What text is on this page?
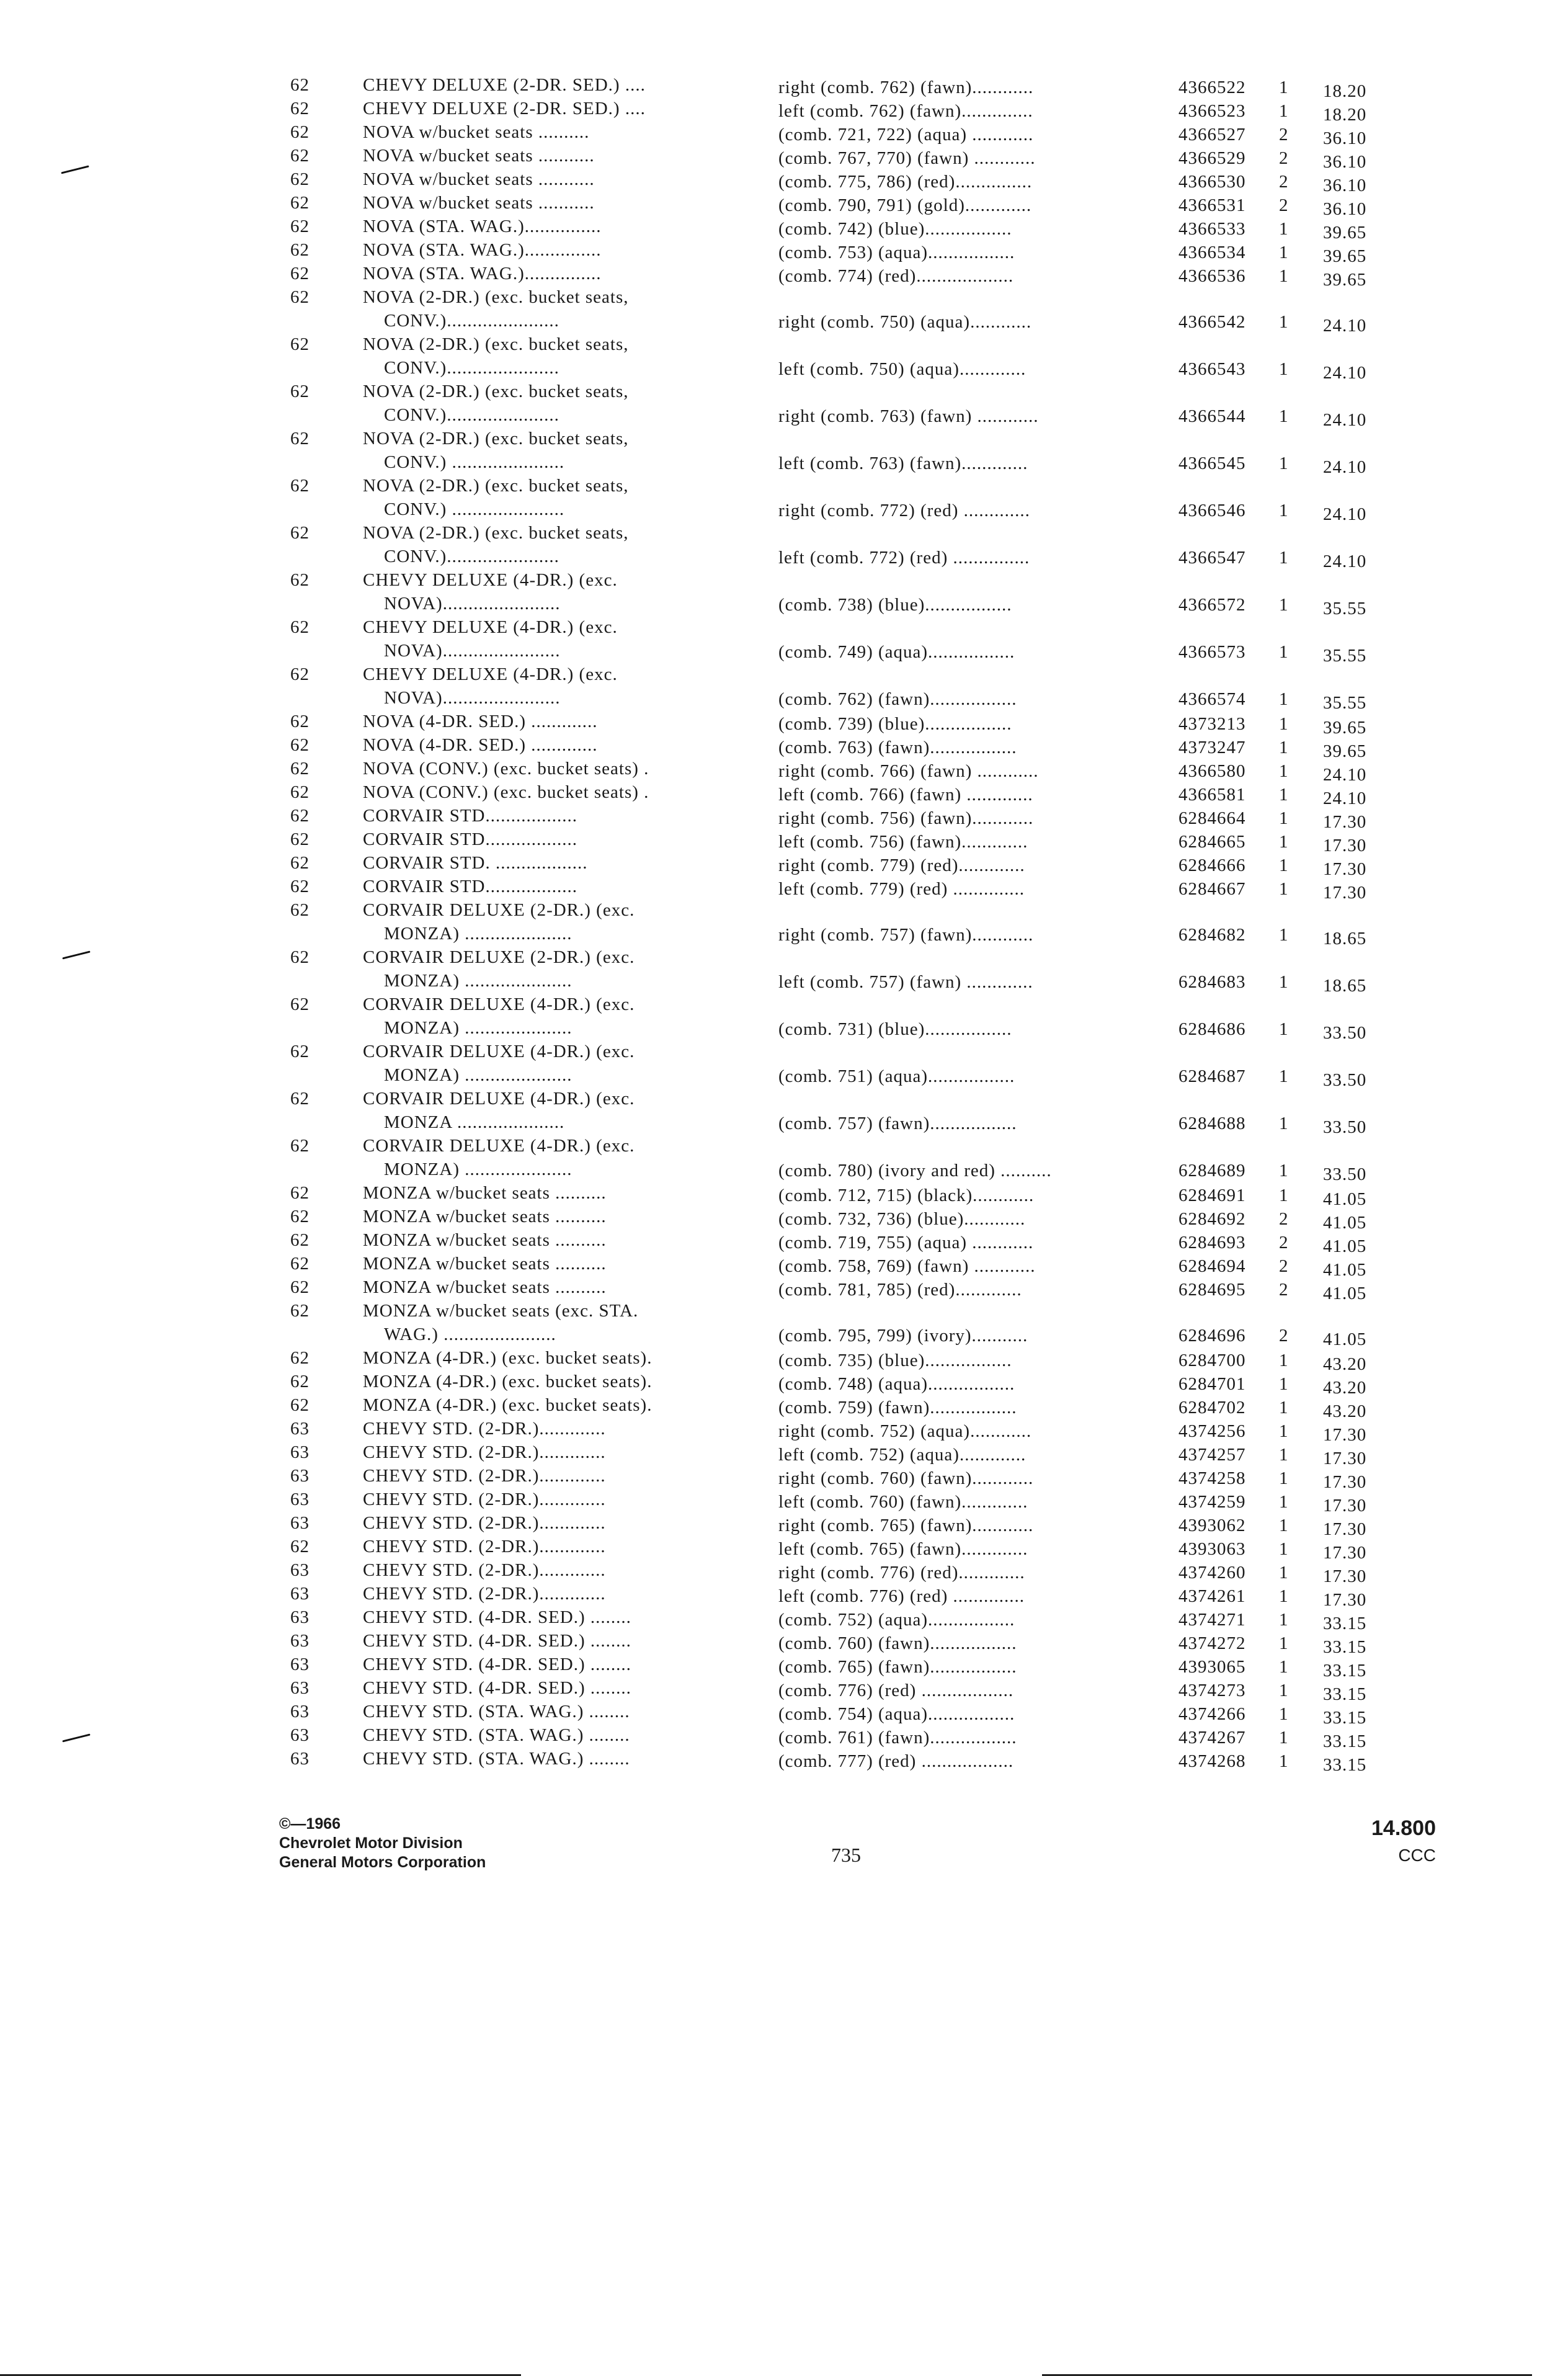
62	CHEVY DELUXE (2-DR. SED.) ....	right (comb. 762) (fawn)............	4366522 1 18.20
62	CHEVY DELUXE (2-DR. SED.) ....	left (comb. 762) (fawn)..............	4366523 1 18.20
62	NOVA w/bucket seats ..........	(comb. 721, 722) (aqua) ............	4366527 2 36.10
62	NOVA w/bucket seats ...........	(comb. 767, 770) (fawn) ............	4366529 2 36.10
62	NOVA w/bucket seats ...........	(comb. 775, 786) (red)...............	4366530 2 36.10
62	NOVA w/bucket seats ...........	(comb. 790, 791) (gold).............	4366531 2 36.10
62	NOVA (STA. WAG.)...............	(comb. 742) (blue).................	4366533 1 39.65
62	NOVA (STA. WAG.)...............	(comb. 753) (aqua).................	4366534 1 39.65
62	NOVA (STA. WAG.)...............	(comb. 774) (red)...................	4366536 1 39.65
62	NOVA (2-DR.) (exc. bucket seats,
CONV.)......................	right (comb. 750) (aqua)............	4366542 1 24.10
62	NOVA (2-DR.) (exc. bucket seats,
CONV.)......................	left (comb. 750) (aqua).............	4366543 1 24.10
62	NOVA (2-DR.) (exc. bucket seats,
CONV.)......................	right (comb. 763) (fawn) ............	4366544 1 24.10
62	NOVA (2-DR.) (exc. bucket seats,
CONV.) ......................	left (comb. 763) (fawn).............	4366545 1 24.10
62	NOVA (2-DR.) (exc. bucket seats,
CONV.) ......................	right (comb. 772) (red) .............	4366546 1 24.10
62	NOVA (2-DR.) (exc. bucket seats,
CONV.)......................	left (comb. 772) (red) ...............	4366547 1 24.10
62	CHEVY DELUXE (4-DR.) (exc.
NOVA).......................	(comb. 738) (blue).................	4366572 1 35.55
62	CHEVY DELUXE (4-DR.) (exc.
NOVA).......................	(comb. 749) (aqua).................	4366573 1 35.55
62	CHEVY DELUXE (4-DR.) (exc.
NOVA).......................	(comb. 762) (fawn).................	4366574 1 35.55
62	NOVA (4-DR. SED.) .............	(comb. 739) (blue).................	4373213 1 39.65
62	NOVA (4-DR. SED.) .............	(comb. 763) (fawn).................	4373247 1 39.65
62	NOVA (CONV.) (exc. bucket seats) .	right (comb. 766) (fawn) ............	4366580 1 24.10
62	NOVA (CONV.) (exc. bucket seats) .	left (comb. 766) (fawn) .............	4366581 1 24.10
62	CORVAIR STD..................	right (comb. 756) (fawn)............	6284664 1 17.30
62	CORVAIR STD..................	left (comb. 756) (fawn).............	6284665 1 17.30
62	CORVAIR STD. ..................	right (comb. 779) (red).............	6284666 1 17.30
62	CORVAIR STD..................	left (comb. 779) (red) ..............	6284667 1 17.30
62	CORVAIR DELUXE (2-DR.) (exc.
MONZA) .....................	right (comb. 757) (fawn)............	6284682 1 18.65
62	CORVAIR DELUXE (2-DR.) (exc.
MONZA) .....................	left (comb. 757) (fawn) .............	6284683 1 18.65
62	CORVAIR DELUXE (4-DR.) (exc.
MONZA) .....................	(comb. 731) (blue).................	6284686 1 33.50
62	CORVAIR DELUXE (4-DR.) (exc.
MONZA) .....................	(comb. 751) (aqua).................	6284687 1 33.50
62	CORVAIR DELUXE (4-DR.) (exc.
MONZA .....................	(comb. 757) (fawn).................	6284688 1 33.50
62	CORVAIR DELUXE (4-DR.) (exc.
MONZA) .....................	(comb. 780) (ivory and red) ..........	6284689 1 33.50
62	MONZA w/bucket seats ..........	(comb. 712, 715) (black)............	6284691 1 41.05
62	MONZA w/bucket seats ..........	(comb. 732, 736) (blue)............	6284692 2 41.05
62	MONZA w/bucket seats ..........	(comb. 719, 755) (aqua) ............	6284693 2 41.05
62	MONZA w/bucket seats ..........	(comb. 758, 769) (fawn) ............	6284694 2 41.05
62	MONZA w/bucket seats ..........	(comb. 781, 785) (red).............	6284695 2 41.05
62	MONZA w/bucket seats (exc. STA.
WAG.) ......................	(comb. 795, 799) (ivory)...........	6284696 2 41.05
62	MONZA (4-DR.) (exc. bucket seats).	(comb. 735) (blue).................	6284700 1 43.20
62	MONZA (4-DR.) (exc. bucket seats).	(comb. 748) (aqua).................	6284701 1 43.20
62	MONZA (4-DR.) (exc. bucket seats).	(comb. 759) (fawn).................	6284702 1 43.20
63	CHEVY STD. (2-DR.).............	right (comb. 752) (aqua)............	4374256 1 17.30
63	CHEVY STD. (2-DR.).............	left (comb. 752) (aqua).............	4374257 1 17.30
63	CHEVY STD. (2-DR.).............	right (comb. 760) (fawn)............	4374258 1 17.30
63	CHEVY STD. (2-DR.).............	left (comb. 760) (fawn).............	4374259 1 17.30
63	CHEVY STD. (2-DR.).............	right (comb. 765) (fawn)............	4393062 1 17.30
62	CHEVY STD. (2-DR.).............	left (comb. 765) (fawn).............	4393063 1 17.30
63	CHEVY STD. (2-DR.).............	right (comb. 776) (red).............	4374260 1 17.30
63	CHEVY STD. (2-DR.).............	left (comb. 776) (red) ..............	4374261 1 17.30
63	CHEVY STD. (4-DR. SED.) ........	(comb. 752) (aqua).................	4374271 1 33.15
63	CHEVY STD. (4-DR. SED.) ........	(comb. 760) (fawn).................	4374272 1 33.15
63	CHEVY STD. (4-DR. SED.) ........	(comb. 765) (fawn).................	4393065 1 33.15
63	CHEVY STD. (4-DR. SED.) ........	(comb. 776) (red) ..................	4374273 1 33.15
63	CHEVY STD. (STA. WAG.) ........	(comb. 754) (aqua).................	4374266 1 33.15
63	CHEVY STD. (STA. WAG.) ........	(comb. 761) (fawn).................	4374267 1 33.15
63	CHEVY STD. (STA. WAG.) ........	(comb. 777) (red) ..................	4374268 1 33.15
©—1966
Chevrolet Motor Division
General Motors Corporation	735
14.800
CCC
